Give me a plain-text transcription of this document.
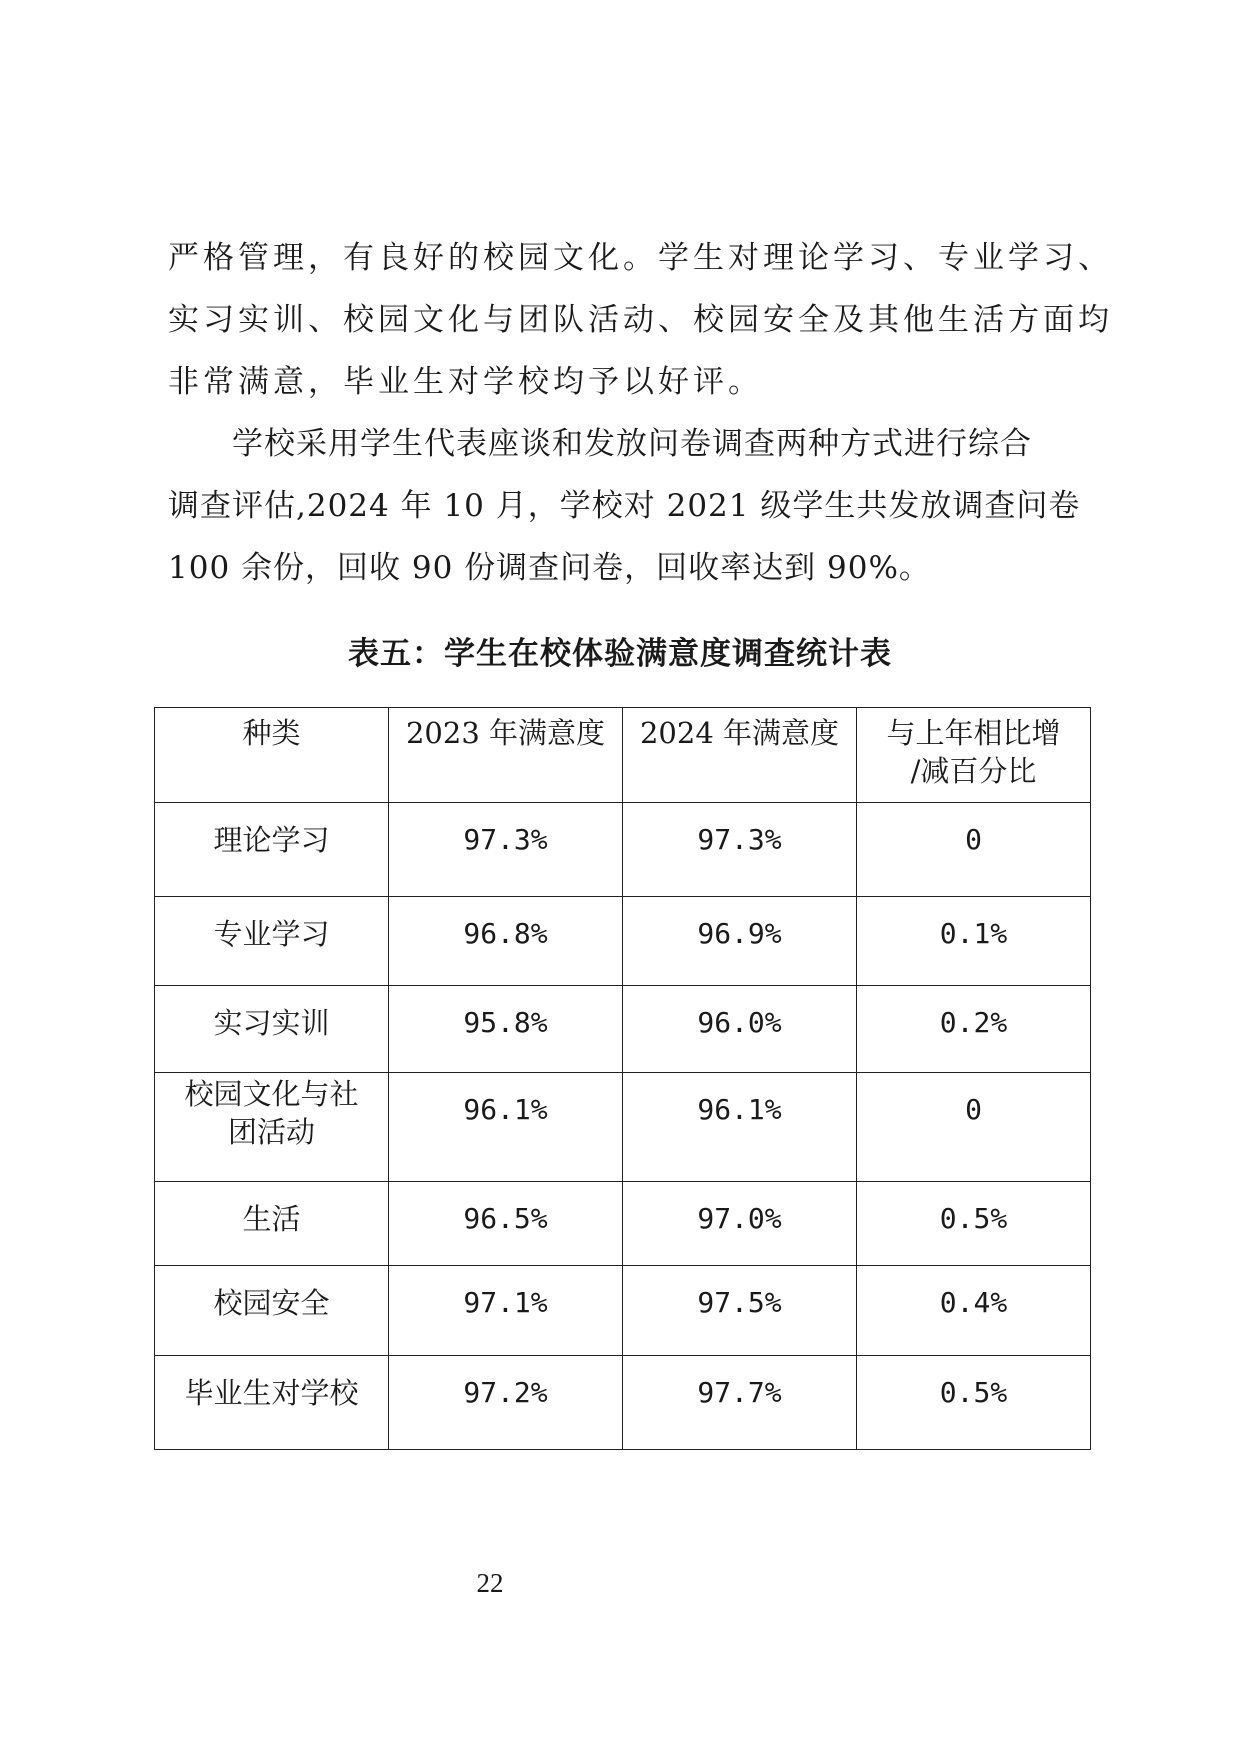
严格管理，有良好的校园文化。学生对理论学习、专业学习、
实习实训、校园文化与团队活动、校园安全及其他生活方面均
非常满意，毕业生对学校均予以好评。
学校采用学生代表座谈和发放问卷调查两种方式进行综合
调查评估,2024 年 10 月，学校对 2021 级学生共发放调查问卷
100 余份，回收 90 份调查问卷，回收率达到 90%。
表五：学生在校体验满意度调查统计表
种类	2023 年满意度	2024 年满意度	与上年相比增
/减百分比
理论学习	97.3%	97.3%	0
专业学习	96.8%	96.9%	0.1%
实习实训	95.8%	96.0%	0.2%
校园文化与社
团活动	96.1%	96.1%	0
生活	96.5%	97.0%	0.5%
校园安全	97.1%	97.5%	0.4%
毕业生对学校	97.2%	97.7%	0.5%
22
